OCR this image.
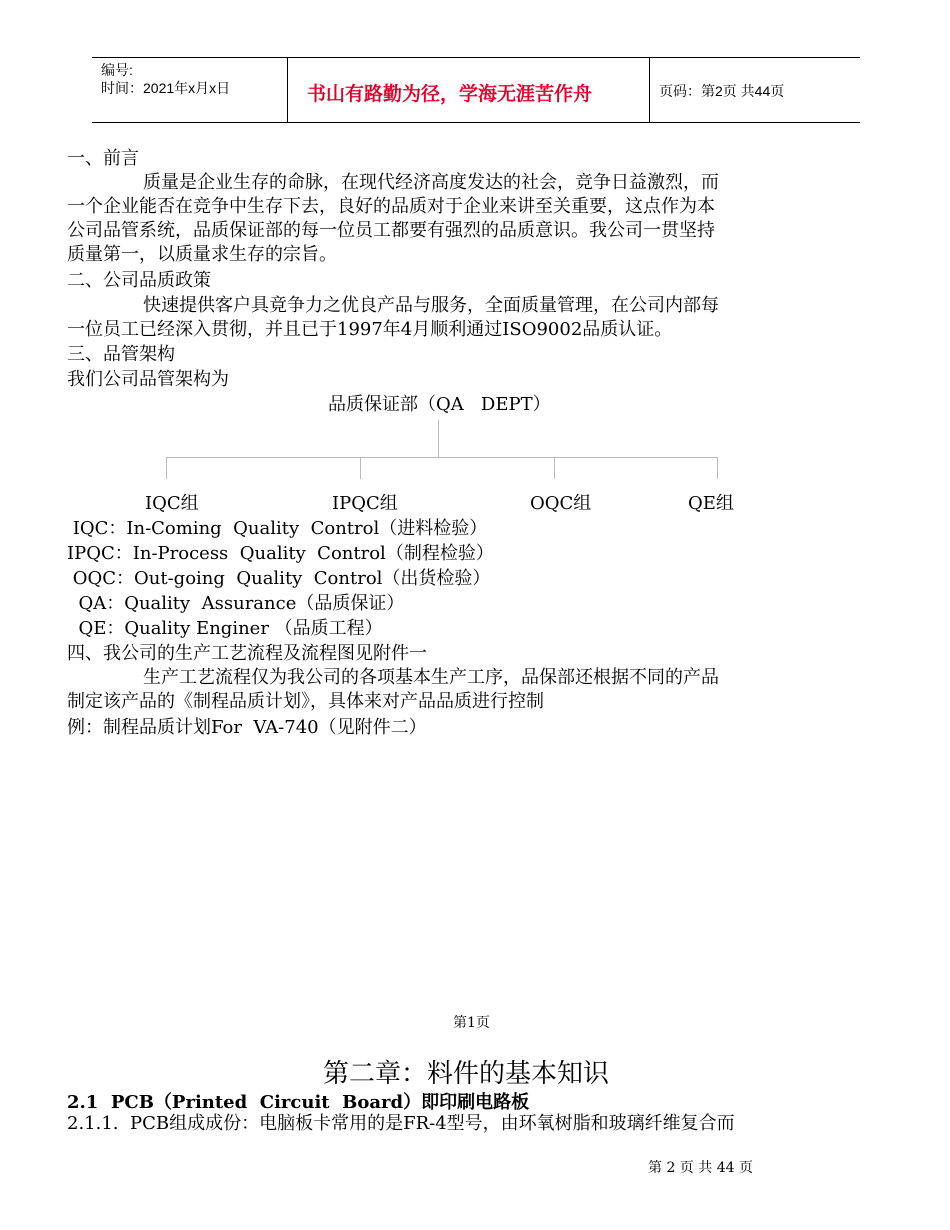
编号:
时间：2021年x月x日	书山有路勤为径，学海无涯苦作舟	页码：第2页 共44页
一、前言
质量是企业生存的命脉，在现代经济高度发达的社会，竞争日益激烈，而
一个企业能否在竞争中生存下去，良好的品质对于企业来讲至关重要，这点作为本
公司品管系统，品质保证部的每一位员工都要有强烈的品质意识。我公司一贯坚持
质量第一，以质量求生存的宗旨。
二、公司品质政策
快速提供客户具竟争力之优良产品与服务，全面质量管理，在公司内部每
一位员工已经深入贯彻，并且已于1997年4月顺利通过ISO9002品质认证。
三、品管架构
我们公司品管架构为
品质保证部（QA   DEPT）
IQC组	IPQC组	OQC组	QE组
IQC：In-Coming  Quality  Control（进料检验）
IPQC：In-Process  Quality  Control（制程检验）
OQC：Out-going  Quality  Control（出货检验）
QA：Quality  Assurance（品质保证）
QE：Quality Enginer （品质工程）
四、我公司的生产工艺流程及流程图见附件一
生产工艺流程仅为我公司的各项基本生产工序，品保部还根据不同的产品
制定该产品的《制程品质计划》，具体来对产品品质进行控制
例：制程品质计划For  VA-740（见附件二）
第1页
第二章：料件的基本知识
2.1  PCB（Printed  Circuit  Board）即印刷电路板
2.1.1.  PCB组成成份：电脑板卡常用的是FR-4型号，由环氧树脂和玻璃纤维复合而
第 2 页 共 44 页
